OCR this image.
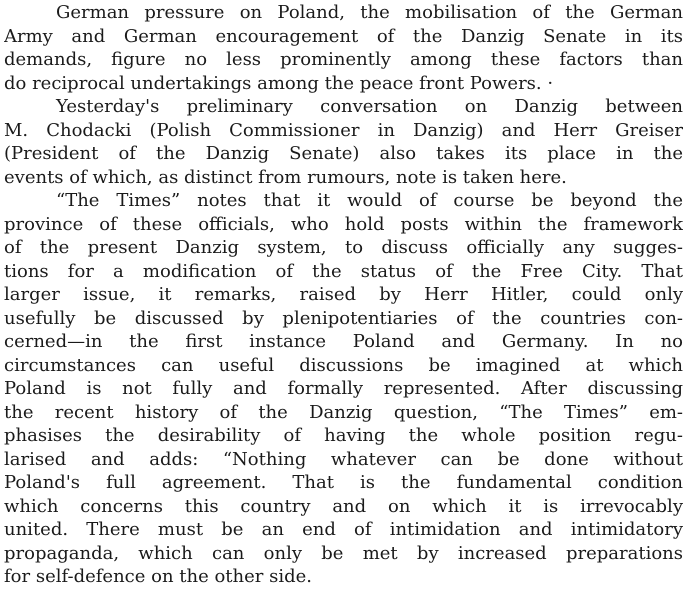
German pressure on Poland, the mobilisation of the German
Army and German encouragement of the Danzig Senate in its
demands, figure no less prominently among these factors than
do reciprocal undertakings among the peace front Powers. ·
Yesterday's preliminary conversation on Danzig between
M. Chodacki (Polish Commissioner in Danzig) and Herr Greiser
(President of the Danzig Senate) also takes its place in the
events of which, as distinct from rumours, note is taken here.
“The Times” notes that it would of course be beyond the
province of these officials, who hold posts within the framework
of the present Danzig system, to discuss officially any sugges-
tions for a modification of the status of the Free City. That
larger issue, it remarks, raised by Herr Hitler, could only
usefully be discussed by plenipotentiaries of the countries con-
cerned—in the first instance Poland and Germany. In no
circumstances can useful discussions be imagined at which
Poland is not fully and formally represented. After discussing
the recent history of the Danzig question, “The Times” em-
phasises the desirability of having the whole position regu-
larised and adds: “Nothing whatever can be done without
Poland's full agreement. That is the fundamental condition
which concerns this country and on which it is irrevocably
united. There must be an end of intimidation and intimidatory
propaganda, which can only be met by increased preparations
for self-defence on the other side.
